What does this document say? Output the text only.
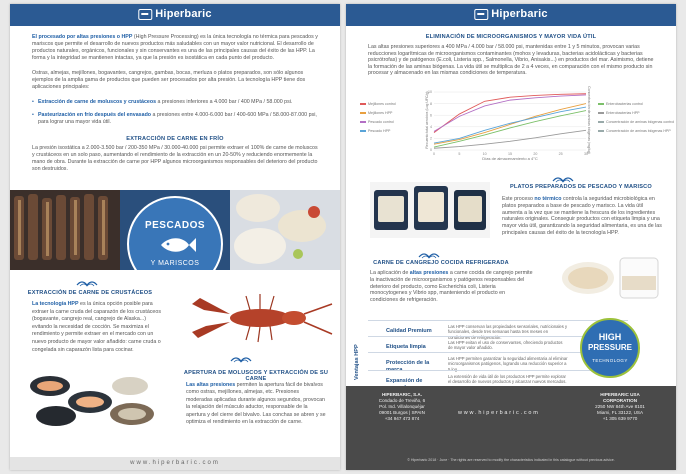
Hiperbaric
El procesado por altas presiones o HPP (High Pressure Processing) es la única tecnología no térmica para pescados y mariscos que permite el desarrollo de nuevos productos más saludables con un mayor valor nutricional. El desarrollo de productos naturales, orgánicos, funcionales y sin conservantes es una de las principales causas del éxito de las HPP. La forma y la integridad se mantienen intactas, ya que la presión es isostática en cada punto del producto.
Ostras, almejas, mejillones, bogavantes, cangrejos, gambas, bocas, merluza o platos preparados, son sólo algunos ejemplos de la amplia gama de productos que pueden ser procesados por alta presión. La tecnología HPP tiene dos aplicaciones principales:
• Extracción de carne de moluscos y crustáceos a presiones inferiores a 4.000 bar / 400 MPa / 58.000 psi.
• Pasteurización en frío después del envasado a presiones entre 4.000-6.000 bar / 400-600 MPa / 58.000-87.000 psi, para lograr una mayor vida útil.
EXTRACCIÓN DE CARNE EN FRÍO
La presión isostática a 2.000-3.500 bar / 200-350 MPa / 30.000-40.000 psi permite extraer el 100% de carne de moluscos y crustáceos en un solo paso, aumentando el rendimiento de la extracción en un 20-50% y reduciendo enormemente la mano de obra. Durante la extracción de carne por HPP algunos microorganismos responsables del deterioro del producto son destruidos.
PESCADOS
Y MARISCOS
EXTRACCIÓN DE CARNE DE CRUSTÁCEOS
La tecnología HPP es la única opción posible para extraer la carne cruda del caparazón de los crustáceos (bogavante, cangrejo real, cangrejo de Alaska...) evitando la necesidad de cocción. Se maximiza el rendimiento y permite extraer en el mercado con un nuevo producto de mayor valor añadido: carne cruda o congelada sin caparazón lista para cocinar.
APERTURA DE MOLUSCOS Y EXTRACCIÓN DE SU CARNE
Las altas presiones permiten la apertura fácil de bivalvos como ostras, mejillones, almejas, etc. Presiones moderadas aplicadas durante algunos segundos, provocan la relajación del músculo aductor, responsable de la apertura y del cierre del bivalvo. Las conchas se abren y se optimiza el rendimiento en la extracción de carne.
www.hiperbaric.com
Hiperbaric
ELIMINACIÓN DE MICROORGANISMOS Y MAYOR VIDA ÚTIL
Las altas presiones superiores a 400 MPa / 4.000 bar / 58.000 psi, mantenidas entre 1 y 5 minutos, provocan varias reducciones logarítmicas de microorganismos contaminantes (mohos y levaduras, bacterias acidolácticas y bacterias psicrótrofas) y de patógenos (E.coli, Listeria spp., Salmonella, Vibrio, Anisakis...) en productos del mar. Asimismo, detiene la formación de las aminas biógenas. La vida útil se multiplica de 2 a 4 veces, en comparación con el mismo producto sin procesar y almacenado en las mismas condiciones de temperatura.
Mejillones control
Mejillones HPP
Pescado control
Pescado HPP
0	5	10	15	20	25	30
0
2
4
6
8
10
Días de almacenamiento a 4°C
Recuento total aerobios (Log UFC/g)	Concentración de aminas biógenas (mg/kg)	Enterobacterias control
Enterobacterias HPP
Concentración de aminas biógenas control
Concentración de aminas biógenas HPP
PLATOS PREPARADOS DE PESCADO Y MARISCO
Este proceso no térmico controla la seguridad microbiológica en platos preparados a base de pescado y marisco. La vida útil aumenta a la vez que se mantiene la frescura de los ingredientes naturales originales. Conseguir productos con etiqueta limpia y una mayor vida útil, garantizando la seguridad alimentaria, es una de las principales causas del éxito de la tecnología HPP.
CARNE DE CANGREJO COCIDA REFRIGERADA
La aplicación de altas presiones a carne cocida de cangrejo permite la inactivación de microorganismos y patógenos responsables del deterioro del producto, como Escherichia coli, Listeria monocytogenes y Vibrio spp, manteniendo el producto en condiciones de refrigeración.
Ventajas HPP
Calidad Premium
Las HPP conservan las propiedades sensoriales, nutricionales y funcionales, desde tres semanas hasta tres meses en condiciones de refrigeración.
Etiqueta limpia
Las HPP evitan el uso de conservantes, ofreciendo productos de mayor valor añadido.
Protección de la marca
Las HPP permiten garantizar la seguridad alimentaria al eliminar microorganismos patógenos, logrando una reducción superior a 5 log.
Expansión de
La extensión de vida útil de los productos HPP permite explorar el desarrollo de nuevos productos y alcanzar nuevos mercados.
HIGH
PRESSURE
TECHNOLOGY
HIPERBARIC, S.A.
Condado de Treviño, 6
Pol. Ind. Villalonquéjar
09001 Burgos | SPAIN
+34 947 473 874
www.hiperbaric.com
HIPERBARIC USA
CORPORATION
2250 NW 84th Ave 8101
Miami, FL 33122, USA
+1 305 639 9770
© Hiperbaric 2018 · June · The rights are reserved to modify the characteristics indicated in this catalogue without previous advice.
